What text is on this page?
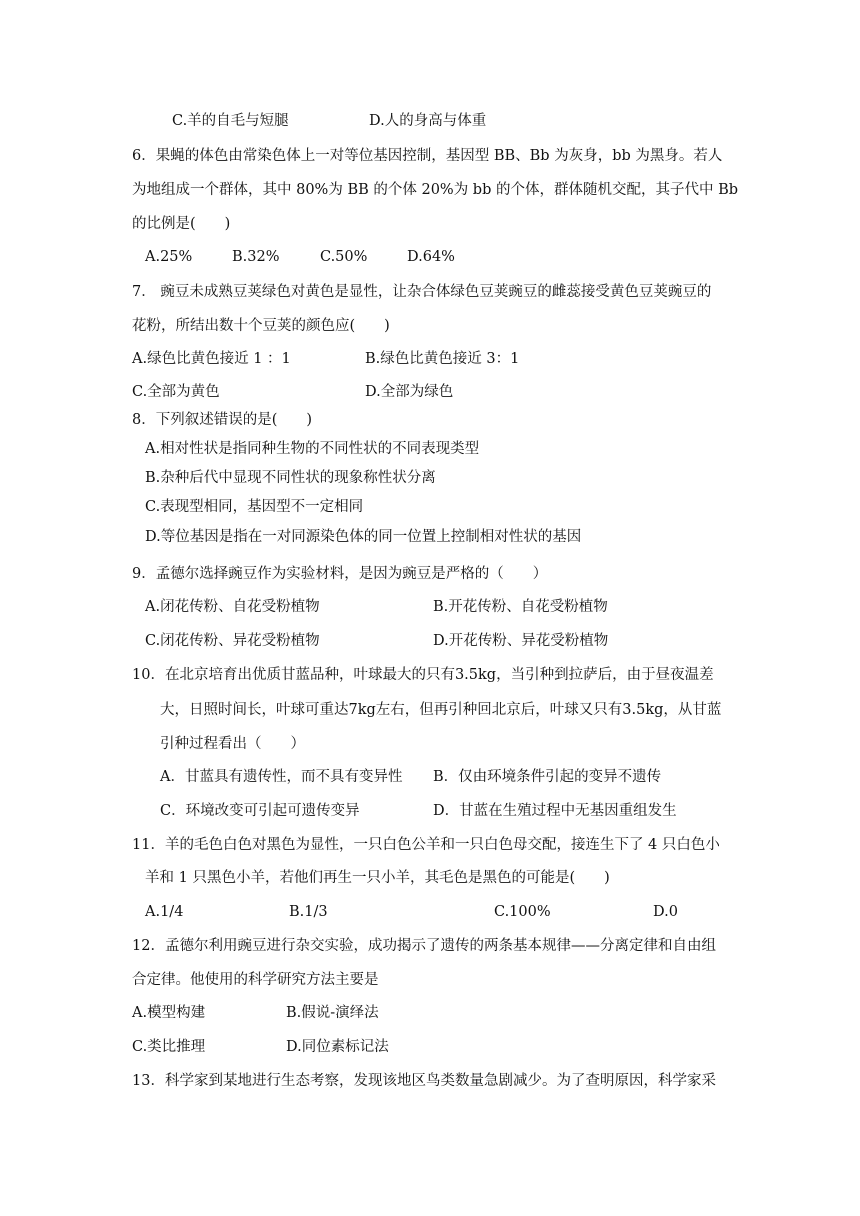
C.羊的自毛与短腿	D.人的身高与体重
6．果蝇的体色由常染色体上一对等位基因控制，基因型 BB、Bb 为灰身，bb 为黑身。若人
为地组成一个群体，其中 80%为 BB 的个体 20%为 bb 的个体，群体随机交配，其子代中 Bb
的比例是(　　)
A.25%	B.32%	C.50%	D.64%
7． 豌豆未成熟豆荚绿色对黄色是显性，让杂合体绿色豆荚豌豆的雌蕊接受黄色豆荚豌豆的
花粉，所结出数十个豆荚的颜色应(　　)
A.绿色比黄色接近 1 ：1	B.绿色比黄色接近 3：1
C.全部为黄色	D.全部为绿色
8．下列叙述错误的是(　　)
A.相对性状是指同种生物的不同性状的不同表现类型
B.杂种后代中显现不同性状的现象称性状分离
C.表现型相同，基因型不一定相同
D.等位基因是指在一对同源染色体的同一位置上控制相对性状的基因
9．孟德尔选择豌豆作为实验材料，是因为豌豆是严格的（　　）
A.闭花传粉、自花受粉植物	B.开花传粉、自花受粉植物
C.闭花传粉、异花受粉植物	D.开花传粉、异花受粉植物
10．在北京培育出优质甘蓝品种，叶球最大的只有3.5kg，当引种到拉萨后，由于昼夜温差
大，日照时间长，叶球可重达7kg左右，但再引种回北京后，叶球又只有3.5kg，从甘蓝
引种过程看出（　　）
A．甘蓝具有遗传性，而不具有变异性 B．仅由环境条件引起的变异不遗传
C．环境改变可引起可遗传变异	D．甘蓝在生殖过程中无基因重组发生
11．羊的毛色白色对黑色为显性，一只白色公羊和一只白色母交配，接连生下了 4 只白色小
羊和 1 只黑色小羊，若他们再生一只小羊，其毛色是黑色的可能是(　　)
A.1/4	B.1/3	C.100%	D.0
12．孟德尔利用豌豆进行杂交实验，成功揭示了遗传的两条基本规律——分离定律和自由组
合定律。他使用的科学研究方法主要是
A.模型构建	B.假说-演绎法
C.类比推理	D.同位素标记法
13．科学家到某地进行生态考察，发现该地区鸟类数量急剧减少。为了查明原因，科学家采
